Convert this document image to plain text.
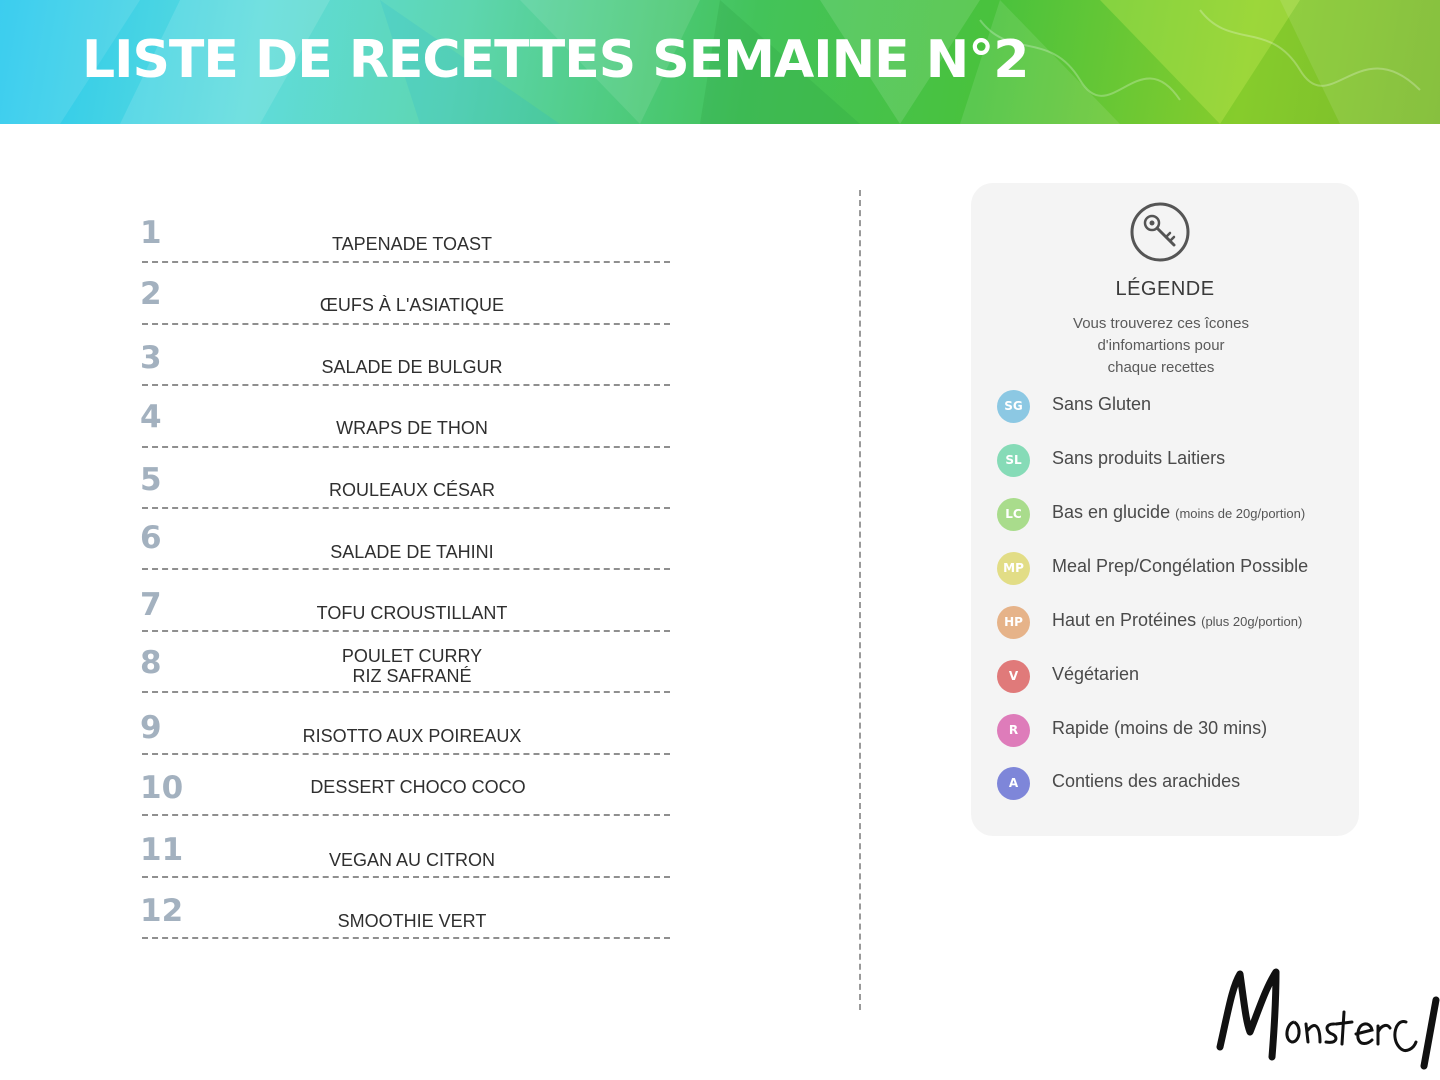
LISTE DE RECETTES SEMAINE N°2
1	TAPENADE TOAST
2	ŒUFS À L'ASIATIQUE
3	SALADE DE BULGUR
4	WRAPS DE THON
5	ROULEAUX CÉSAR
6	SALADE DE TAHINI
7	TOFU CROUSTILLANT
8	POULET CURRY
RIZ SAFRANÉ
9	RISOTTO AUX POIREAUX
10	DESSERT CHOCO COCO
11	VEGAN AU CITRON
12	SMOOTHIE VERT
LÉGENDE
Vous trouverez ces îcones
d'infomartions pour
chaque recettes
SG	Sans Gluten
SL	Sans produits Laitiers
LC	Bas en glucide (moins de 20g/portion)
MP	Meal Prep/Congélation Possible
HP	Haut en Protéines (plus 20g/portion)
V	Végétarien
R	Rapide (moins de 30 mins)
A	Contiens des arachides
